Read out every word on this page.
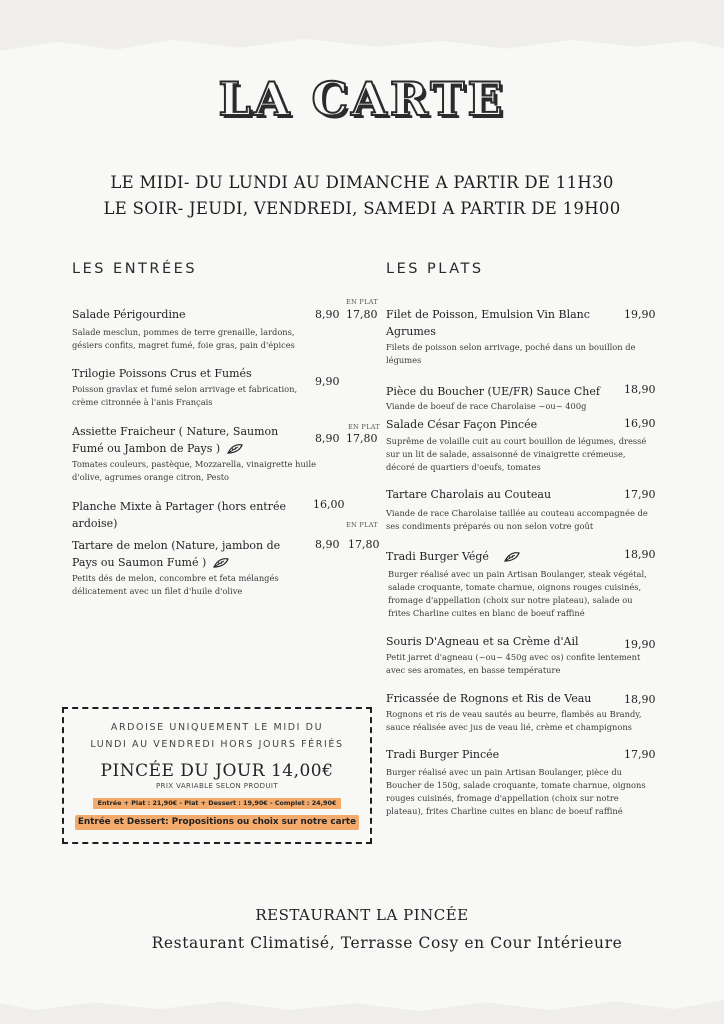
LA CARTE
LE MIDI- DU LUNDI AU DIMANCHE A PARTIR DE 11H30
LE SOIR- JEUDI, VENDREDI, SAMEDI A PARTIR DE 19H00
LES ENTRÉES
EN PLAT
Salade Périgourdine
Salade mesclun, pommes de terre grenaille, lardons, gésiers confits, magret fumé, foie gras, pain d'épices
8,90 17,80
Trilogie Poissons Crus et Fumés
Poisson gravlax et fumé selon arrivage et fabrication, crème citronnée à l'anis Français
9,90
EN PLAT
Assiette Fraicheur ( Nature, Saumon Fumé ou Jambon de Pays )
Tomates couleurs, pastèque, Mozzarella, vinaigrette huile d'olive, agrumes orange citron, Pesto
8,90 17,80
Planche Mixte à Partager (hors entrée ardoise)
16,00
EN PLAT
Tartare de melon (Nature, jambon de Pays ou Saumon Fumé )
Petits dés de melon, concombre et feta mélangés délicatement avec un filet d'huile d'olive
8,90 17,80
LES PLATS
Filet de Poisson, Emulsion Vin Blanc Agrumes
Filets de poisson selon arrivage, poché dans un bouillon de légumes
19,90
Pièce du Boucher (UE/FR) Sauce Chef
Viande de boeuf de race Charolaise ~ou~ 400g
18,90
Salade César Façon Pincée
Suprême de volaille cuit au court bouillon de légumes, dressé sur un lit de salade, assaisonné de vinaigrette crémeuse, décoré de quartiers d'oeufs, tomates
16,90
Tartare Charolais au Couteau
Viande de race Charolaise taillée au couteau accompagnée de ses condiments préparés ou non selon votre goût
17,90
Tradi Burger Végé
Burger réalisé avec un pain Artisan Boulanger, steak végétal, salade croquante, tomate charnue, oignons rouges cuisinés, fromage d'appellation (choix sur notre plateau), salade ou frites Charline cuites en blanc de boeuf raffiné
18,90
Souris D'Agneau et sa Crème d'Ail
Petit jarret d'agneau (~ou~ 450g avec os) confite lentement avec ses aromates, en basse température
19,90
Fricassée de Rognons et Ris de Veau
Rognons et ris de veau sautés au beurre, flambés au Brandy, sauce réalisée avec jus de veau lié, crème et champignons
18,90
Tradi Burger Pincée
Burger réalisé avec un pain Artisan Boulanger, pièce du Boucher de 150g, salade croquante, tomate charnue, oignons rouges cuisinés, fromage d'appellation (choix sur notre plateau), frites Charline cuites en blanc de boeuf raffiné
17,90
ARDOISE UNIQUEMENT LE MIDI DU
LUNDI AU VENDREDI HORS JOURS FÉRIÉS
PINCÉE DU JOUR 14,00€
PRIX VARIABLE SELON PRODUIT
Entrée + Plat : 21,90€ - Plat + Dessert : 19,90€ - Complet : 24,90€
Entrée et Dessert: Propositions ou choix sur notre carte
RESTAURANT LA PINCÉE
Restaurant Climatisé, Terrasse Cosy en Cour Intérieure
